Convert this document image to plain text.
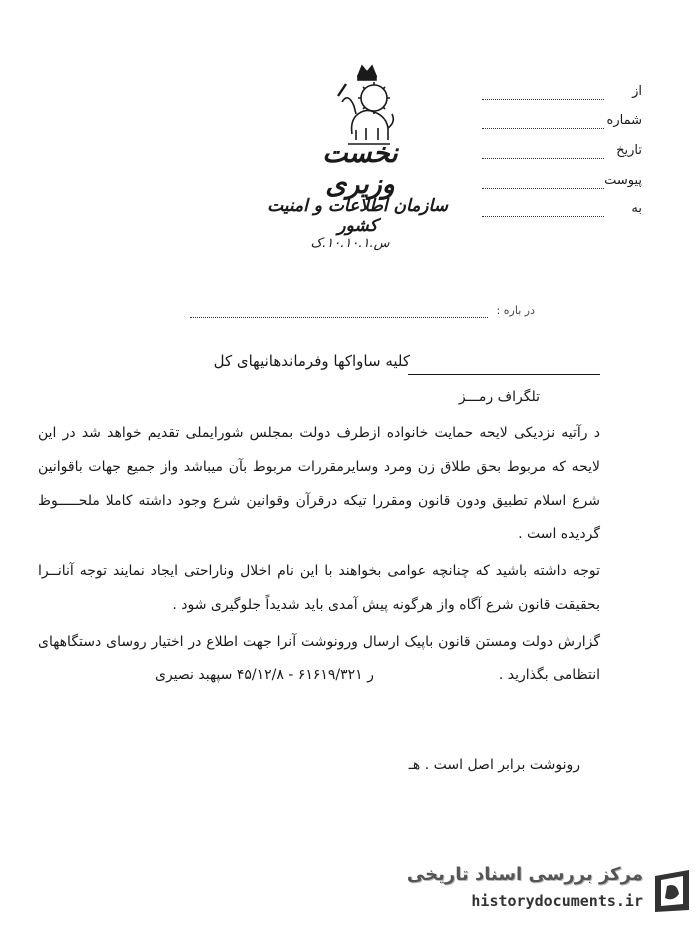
نخست وزیری
سازمان اطلاعات و امنیت کشور
س.۱۰.۱۰.۱.ک
از
شماره
تاریخ
پیوست
به
در باره :
کلیه ساواکها وفرماندهانیهای کل
تلگراف رمـــز
د رآتیه نزدیکی لایحه حمایت خانواده ازطرف دولت بمجلس شورایملی تقدیم خواهد شد در این
لایحه که مربوط بحق طلاق زن ومرد وسایرمقررات مربوط بآن میباشد واز جمیع جهات باقوانین
شرع اسلام تطبیق ودون قانون ومقررا تیکه درقرآن وقوانین شرع وجود داشته کاملا ملحـــــوظ
گردیده است .
توجه داشته باشید که چنانچه عوامی بخواهند با این نام اخلال وناراحتی ایجاد نمایند توجه آنانــرا
بحقیقت قانون شرع آگاه واز هرگونه پیش آمدی باید شدیداً جلوگیری شود .
گزارش دولت ومستن قانون باپیک ارسال ورونوشت آنرا جهت اطلاع در اختیار روسای دستگاههای
انتظامی بگذارید .
ر ۶۱۶۱۹/۳۲۱ - ۴۵/۱۲/۸ سپهبد نصیری
رونوشت برابر اصل است . هـ
مرکز بررسی اسناد تاریخی
historydocuments.ir
